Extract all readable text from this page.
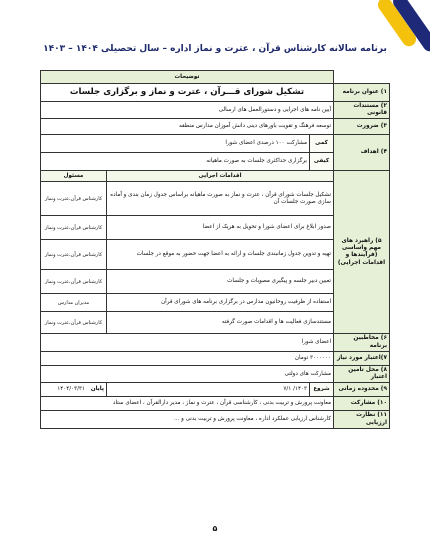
برنامه سالانه کارشناس قرآن ، عترت و نماز اداره – سال تحصیلی ۱۴۰۴ – ۱۴۰۳
	توضیحات		
۱) عنوان برنامه	تشکیل شورای قـــرآن ، عترت و نماز و برگزاری جلسات		
۲) مستندات قانونی	آیین نامه های اجرایی و دستورالعمل های ارسالی		
۳) ضرورت	توسعه فرهنگ و تقویت باورهای دینی دانش آموزان مدارس منطقه		
۴) اهداف	کمی	مشارکت ۱۰۰ درصدی اعضای شورا	
	کیفی	برگزاری حداکثری جلسات به صورت ماهیانه	
۵) راهبرد های مهم واساسی (فرآیندها و اقدامات اجرایی)	اقدامات اجرایی		مسئول
	تشکیل جلسات شورای قرآن ، عترت و نماز به صورت ماهیانه براساس جدول زمان بندی و آماده سازی صورت جلسات آن		کارشناس قرآن،عترت ونماز
	صدور ابلاغ برای اعضای شورا و تحویل به هریک از اعضا		کارشناس قرآن،عترت ونماز
	تهیه و تدوین جدول زمانبندی جلسات و ارائه به اعضا جهت حضور به موقع در جلسات		کارشناس قرآن،عترت ونماز
	تعیین دبیر جلسه و پیگیری مصوبات و جلسات		کارشناس قرآن،عترت ونماز
	استفاده از ظرفیت روحانیون مدارس در برگزاری برنامه های شورای قرآن		مدیران مدارس
	مستندسازی فعالیت ها و اقدامات صورت گرفته		کارشناس قرآن،عترت ونماز
۶) مخاطبین برنامه	اعضای شورا		
۷)اعتبار مورد نیاز	۳۰۰۰۰۰۰ تومان		
۸) محل تامین اعتبار	مشارکت های دولتی		
۹) محدوده زمانی	شروع	۱۴۰۳/ ۷/۱	پایان ۱۴۰۴/۰۳/۳۱
۱۰) مشارکت	معاونت پرورش و تربیت بدنی ، کارشناسی قرآن ، عترت و نماز ، مدیر دارالقرآن ، اعضای ستاد		
۱۱) نظارت ارزیابی	کارشناس ارزیابی عملکرد اداره ، معاونت پرورش و تربیت بدنی و ...		
۵
